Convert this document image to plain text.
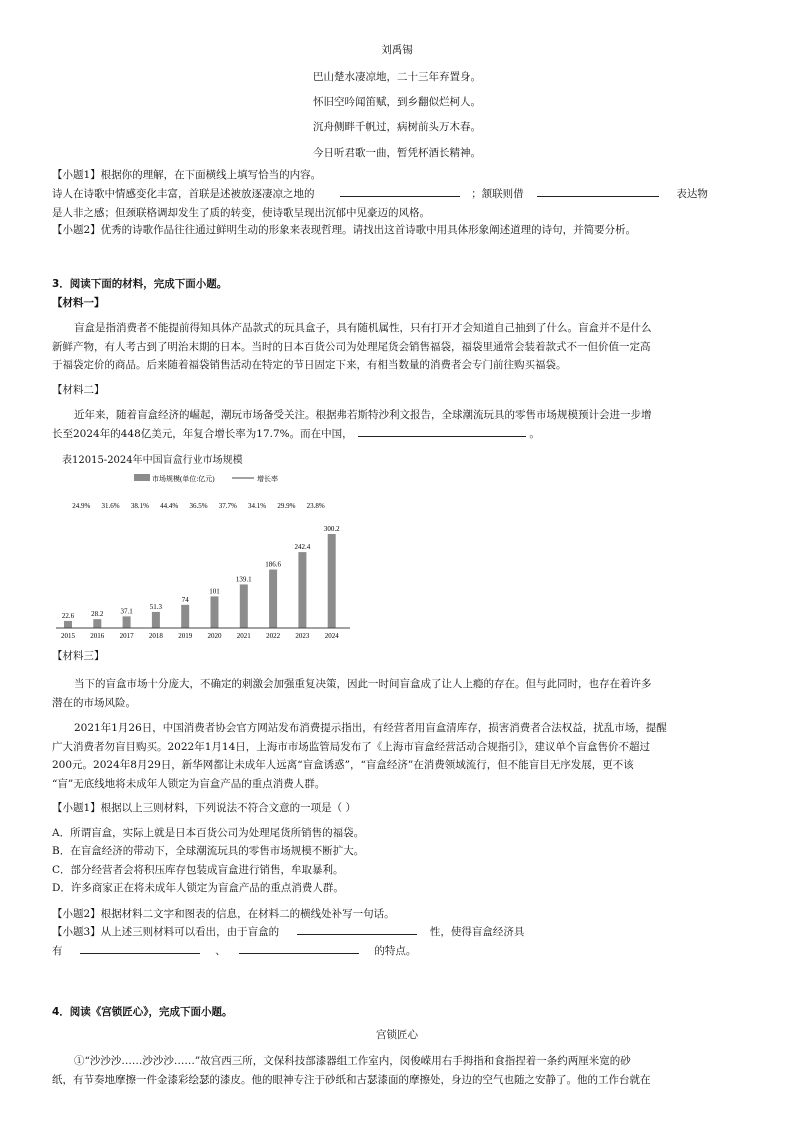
刘禹锡
巴山楚水凄凉地，二十三年弃置身。
怀旧空吟闻笛赋，到乡翻似烂柯人。
沉舟侧畔千帆过，病树前头万木春。
今日听君歌一曲，暂凭杯酒长精神。
【小题1】根据你的理解，在下面横线上填写恰当的内容。
诗人在诗歌中情感变化丰富，首联是述被放逐凄凉之地的	；颔联则借	表达物
是人非之感；但颈联格调却发生了质的转变，使诗歌呈现出沉郁中见豪迈的风格。
【小题2】优秀的诗歌作品往往通过鲜明生动的形象来表现哲理。请找出这首诗歌中用具体形象阐述道理的诗句，并简要分析。
3．阅读下面的材料，完成下面小题。
【材料一】
盲盒是指消费者不能提前得知具体产品款式的玩具盒子，具有随机属性，只有打开才会知道自己抽到了什么。盲盒并不是什么
新鲜产物，有人考古到了明治末期的日本。当时的日本百货公司为处理尾货会销售福袋，福袋里通常会装着款式不一但价值一定高
于福袋定价的商品。后来随着福袋销售活动在特定的节日固定下来，有相当数量的消费者会专门前往购买福袋。
【材料二】
近年来，随着盲盒经济的崛起，潮玩市场备受关注。根据弗若斯特沙利文报告，全球潮流玩具的零售市场规模预计会进一步增
长至2024年的448亿美元，年复合增长率为17.7%。而在中国，	。
表12015-2024年中国盲盒行业市场规模
市场规模(单位:亿元)	增长率
24.9% 31.6% 38.1% 44.4% 36.5% 37.7% 34.1% 29.9% 23.8%
22.6 28.2 37.1
51.3
74
101
139.1
186.6
242.4
300.2
2015 2016 2017 2018 2019 2020 2021 2022 2023 2024
【材料三】
当下的盲盒市场十分庞大，不确定的刺激会加强重复决策，因此一时间盲盒成了让人上瘾的存在。但与此同时，也存在着许多
潜在的市场风险。
2021年1月26日，中国消费者协会官方网站发布消费提示指出，有经营者用盲盒清库存，损害消费者合法权益，扰乱市场，提醒
广大消费者勿盲目购买。2022年1月14日，上海市市场监管局发布了《上海市盲盒经营活动合规指引》，建议单个盲盒售价不超过
200元。2024年8月29日，新华网都让未成年人远离“盲盒诱惑”，“盲盒经济”在消费领域流行，但不能盲目无序发展，更不该
“盲”无底线地将未成年人锁定为盲盒产品的重点消费人群。
【小题1】根据以上三则材料，下列说法不符合文意的一项是（ ）
A．所谓盲盒，实际上就是日本百货公司为处理尾货所销售的福袋。
B．在盲盒经济的带动下，全球潮流玩具的零售市场规模不断扩大。
C．部分经营者会将积压库存包装成盲盒进行销售，牟取暴利。
D．许多商家正在将未成年人锁定为盲盒产品的重点消费人群。
【小题2】根据材料二文字和图表的信息，在材料二的横线处补写一句话。
【小题3】从上述三则材料可以看出，由于盲盒的	性，使得盲盒经济具
有	、	的特点。
4．阅读《宫锁匠心》，完成下面小题。
宫锁匠心
①“沙沙沙……沙沙沙……”故宫西三所，文保科技部漆器组工作室内，闵俊嵘用右手拇指和食指捏着一条约两厘米宽的砂
纸，有节奏地摩擦一件金漆彩绘瑟的漆皮。他的眼神专注于砂纸和古瑟漆面的摩擦处，身边的空气也随之安静了。他的工作台就在
